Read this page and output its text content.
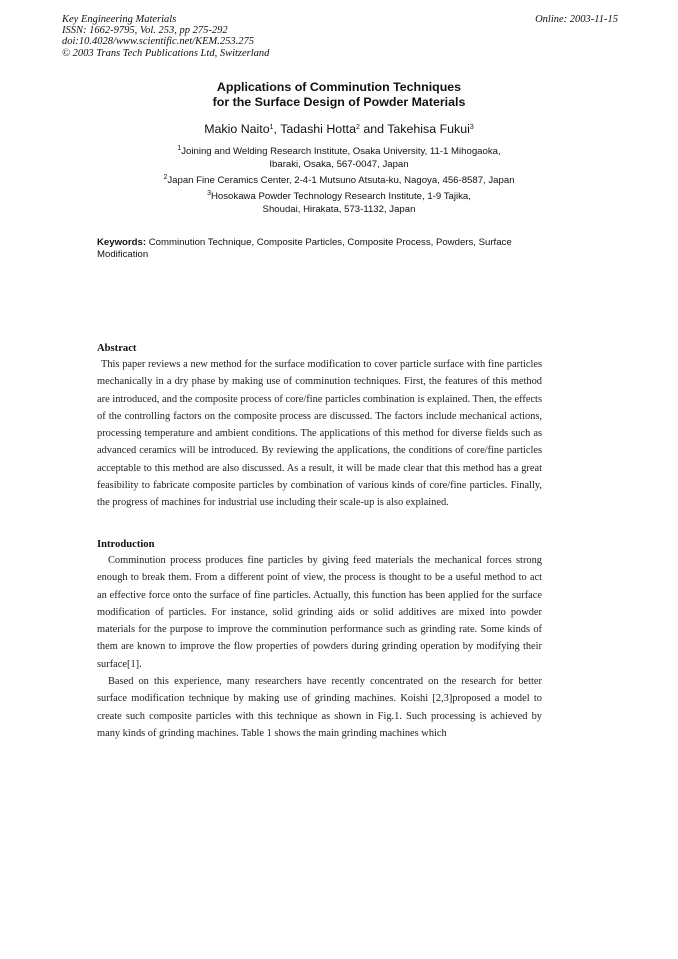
Key Engineering Materials
ISSN: 1662-9795, Vol. 253, pp 275-292
doi:10.4028/www.scientific.net/KEM.253.275
© 2003 Trans Tech Publications Ltd, Switzerland
Online: 2003-11-15
Applications of Comminution Techniques
for the Surface Design of Powder Materials
Makio Naito$^1$, Tadashi Hotta$^2$ and Takehisa Fukui$^3$
$^1$Joining and Welding Research Institute, Osaka University, 11-1 Mihogaoka,
Ibaraki, Osaka, 567-0047, Japan
$^2$Japan Fine Ceramics Center, 2-4-1 Mutsuno Atsuta-ku, Nagoya, 456-8587, Japan
$^3$Hosokawa Powder Technology Research Institute, 1-9 Tajika,
Shoudai, Hirakata, 573-1132, Japan
Keywords: Comminution Technique, Composite Particles, Composite Process, Powders, Surface Modification
Abstract

This paper reviews a new method for the surface modification to cover particle surface with fine particles mechanically in a dry phase by making use of comminution techniques. First, the features of this method are introduced, and the composite process of core/fine particles combination is explained. Then, the effects of the controlling factors on the composite process are discussed. The factors include mechanical actions, processing temperature and ambient conditions. The applications of this method for diverse fields such as advanced ceramics will be introduced. By reviewing the applications, the conditions of core/fine particles acceptable to this method are also discussed. As a result, it will be made clear that this method has a great feasibility to fabricate composite particles by combination of various kinds of core/fine particles. Finally, the progress of machines for industrial use including their scale-up is also explained.

Introduction

Comminution process produces fine particles by giving feed materials the mechanical forces strong enough to break them. From a different point of view, the process is thought to be a useful method to act an effective force onto the surface of fine particles. Actually, this function has been applied for the surface modification of particles. For instance, solid grinding aids or solid additives are mixed into powder materials for the purpose to improve the comminution performance such as grinding rate. Some kinds of them are known to improve the flow properties of powders during grinding operation by modifying their surface[1].

Based on this experience, many researchers have recently concentrated on the research for better surface modification technique by making use of grinding machines. Koishi [2,3]proposed a model to create such composite particles with this technique as shown in Fig.1. Such processing is achieved by many kinds of grinding machines. Table 1 shows the main grinding machines which
